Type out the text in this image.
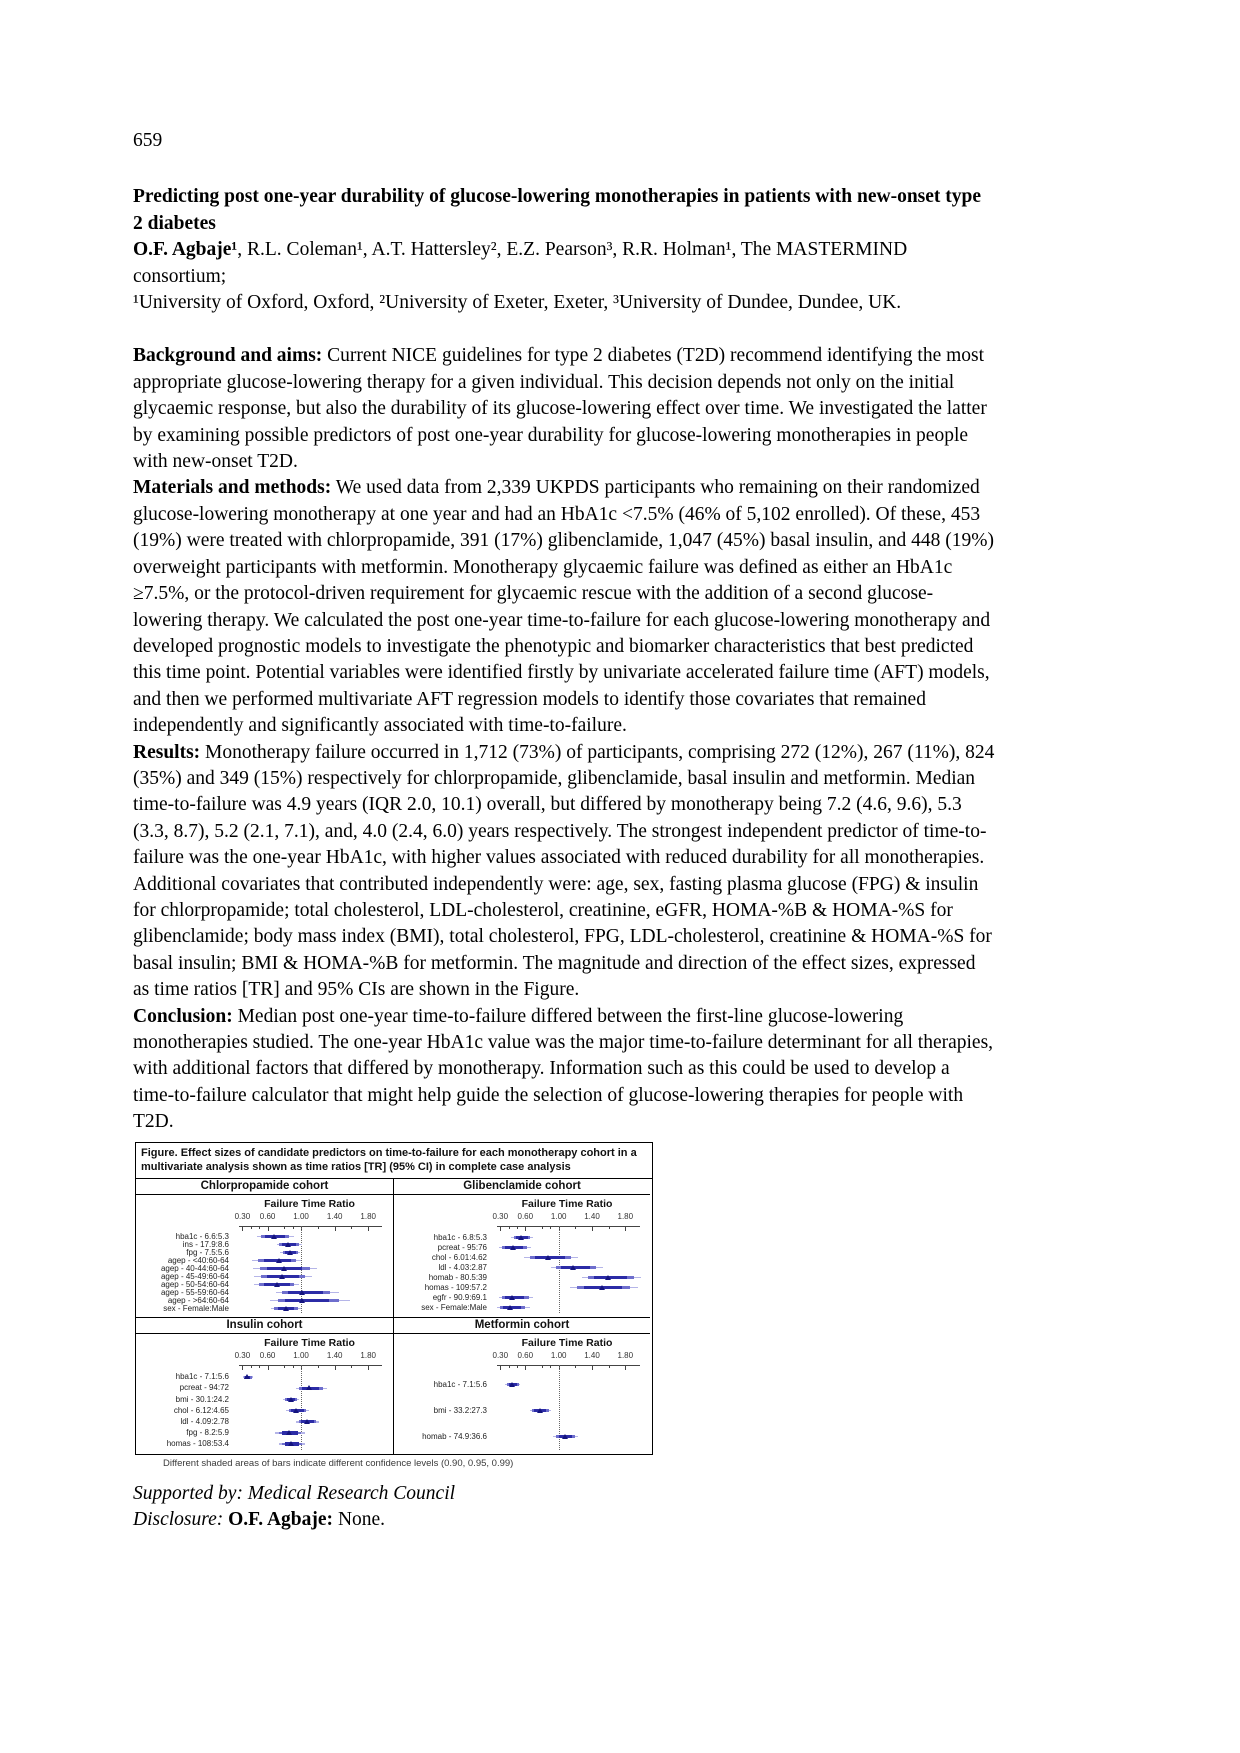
659

Predicting post one-year durability of glucose-lowering monotherapies in patients with new-onset type 2 diabetes

O.F. Agbaje¹, R.L. Coleman¹, A.T. Hattersley², E.Z. Pearson³, R.R. Holman¹, The MASTERMIND consortium;

¹University of Oxford, Oxford, ²University of Exeter, Exeter, ³University of Dundee, Dundee, UK.

Background and aims: Current NICE guidelines for type 2 diabetes (T2D) recommend identifying the most appropriate glucose-lowering therapy for a given individual. This decision depends not only on the initial glycaemic response, but also the durability of its glucose-lowering effect over time. We investigated the latter by examining possible predictors of post one-year durability for glucose-lowering monotherapies in people with new-onset T2D.

Materials and methods: We used data from 2,339 UKPDS participants who remaining on their randomized glucose-lowering monotherapy at one year and had an HbA1c <7.5% (46% of 5,102 enrolled). Of these, 453 (19%) were treated with chlorpropamide, 391 (17%) glibenclamide, 1,047 (45%) basal insulin, and 448 (19%) overweight participants with metformin. Monotherapy glycaemic failure was defined as either an HbA1c ≥7.5%, or the protocol-driven requirement for glycaemic rescue with the addition of a second glucose-lowering therapy. We calculated the post one-year time-to-failure for each glucose-lowering monotherapy and developed prognostic models to investigate the phenotypic and biomarker characteristics that best predicted this time point. Potential variables were identified firstly by univariate accelerated failure time (AFT) models, and then we performed multivariate AFT regression models to identify those covariates that remained independently and significantly associated with time-to-failure.

Results: Monotherapy failure occurred in 1,712 (73%) of participants, comprising 272 (12%), 267 (11%), 824 (35%) and 349 (15%) respectively for chlorpropamide, glibenclamide, basal insulin and metformin. Median time-to-failure was 4.9 years (IQR 2.0, 10.1) overall, but differed by monotherapy being 7.2 (4.6, 9.6), 5.3 (3.3, 8.7), 5.2 (2.1, 7.1), and, 4.0 (2.4, 6.0) years respectively. The strongest independent predictor of time-to-failure was the one-year HbA1c, with higher values associated with reduced durability for all monotherapies. Additional covariates that contributed independently were: age, sex, fasting plasma glucose (FPG) & insulin for chlorpropamide; total cholesterol, LDL-cholesterol, creatinine, eGFR, HOMA-%B & HOMA-%S for glibenclamide; body mass index (BMI), total cholesterol, FPG, LDL-cholesterol, creatinine & HOMA-%S for basal insulin; BMI & HOMA-%B for metformin. The magnitude and direction of the effect sizes, expressed as time ratios [TR] and 95% CIs are shown in the Figure.

Conclusion: Median post one-year time-to-failure differed between the first-line glucose-lowering monotherapies studied. The one-year HbA1c value was the major time-to-failure determinant for all therapies, with additional factors that differed by monotherapy. Information such as this could be used to develop a time-to-failure calculator that might help guide the selection of glucose-lowering therapies for people with T2D.

Figure. Effect sizes of candidate predictors on time-to-failure for each monotherapy cohort in a multivariate analysis shown as time ratios [TR] (95% CI) in complete case analysis
Chlorpropamide cohort
Failure Time Ratio
0.30	0.60	1.00	1.40	1.80
hba1c - 6.6:5.3
ins - 17.9:8.6
fpg - 7.5:5.6
agep - <40:60-64
agep - 40-44:60-64
agep - 45-49:60-64
agep - 50-54:60-64
agep - 55-59:60-64
agep - >64:60-64
sex - Female:Male
Glibenclamide cohort
Failure Time Ratio
0.30	0.60	1.00	1.40	1.80
hba1c - 6.8:5.3
pcreat - 95:76
chol - 6.01:4.62
ldl - 4.03:2.87
homab - 80.5:39
homas - 109:57.2
egfr - 90.9:69.1
sex - Female:Male
Insulin cohort
Failure Time Ratio
0.30	0.60	1.00	1.40	1.80
hba1c - 7.1:5.6
pcreat - 94:72
bmi - 30.1:24.2
chol - 6.12:4.65
ldl - 4.09:2.78
fpg - 8.2:5.9
homas - 108:53.4
Metformin cohort
Failure Time Ratio
0.30	0.60	1.00	1.40	1.80
hba1c - 7.1:5.6
bmi - 33.2:27.3
homab - 74.9:36.6
Different shaded areas of bars indicate different confidence levels (0.90, 0.95, 0.99)

Supported by: Medical Research Council

Disclosure: O.F. Agbaje: None.
